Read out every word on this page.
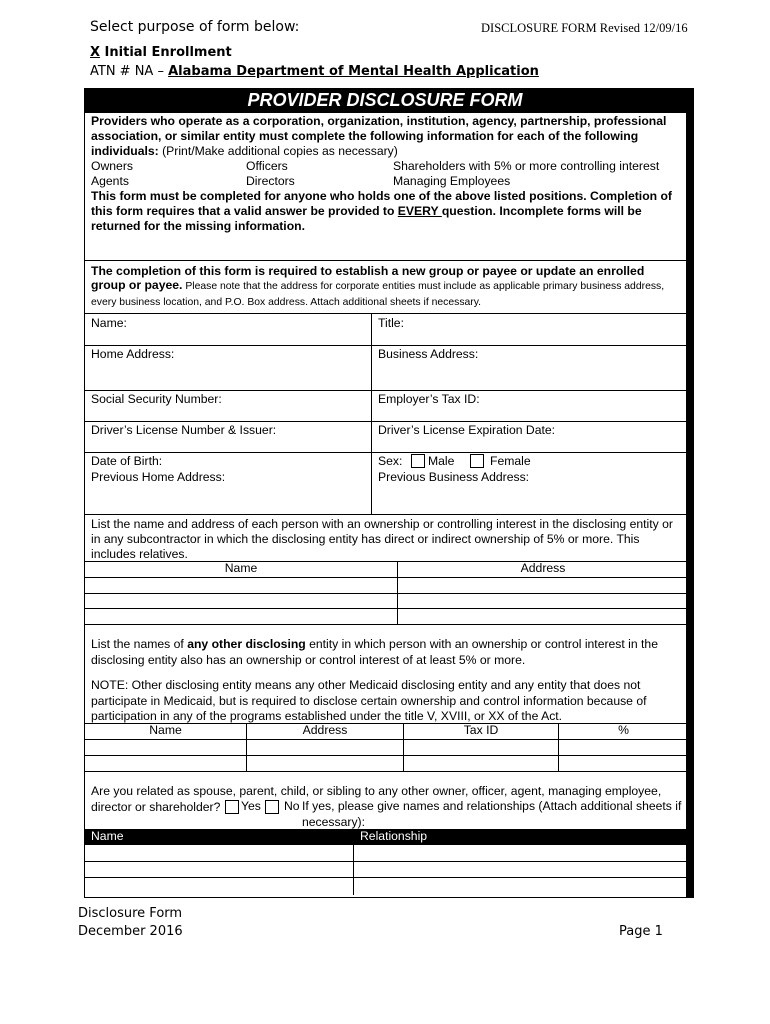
Select purpose of form below:	DISCLOSURE FORM Revised 12/09/16
X Initial Enrollment
ATN # NA – Alabama Department of Mental Health Application
PROVIDER DISCLOSURE FORM
Providers who operate as a corporation, organization, institution, agency, partnership, professional association, or similar entity must complete the following information for each of the following individuals: (Print/Make additional copies as necessary)
Owners	Officers	Shareholders with 5% or more controlling interest
Agents	Directors	Managing Employees
This form must be completed for anyone who holds one of the above listed positions. Completion of this form requires that a valid answer be provided to EVERY question. Incomplete forms will be returned for the missing information.
The completion of this form is required to establish a new group or payee or update an enrolled group or payee. Please note that the address for corporate entities must include as applicable primary business address, every business location, and P.O. Box address. Attach additional sheets if necessary.
Name:	Title:
Home Address:	Business Address:
Social Security Number:	Employer’s Tax ID:
Driver’s License Number & Issuer:	Driver’s License Expiration Date:
Date of Birth:	Sex: Male	Female
Previous Home Address:	Previous Business Address:
List the name and address of each person with an ownership or controlling interest in the disclosing entity or in any subcontractor in which the disclosing entity has direct or indirect ownership of 5% or more. This includes relatives.
Name	Address
List the names of any other disclosing entity in which person with an ownership or control interest in the disclosing entity also has an ownership or control interest of at least 5% or more.
NOTE: Other disclosing entity means any other Medicaid disclosing entity and any entity that does not participate in Medicaid, but is required to disclose certain ownership and control information because of participation in any of the programs established under the title V, XVIII, or XX of the Act.
Name	Address	Tax ID	%
Are you related as spouse, parent, child, or sibling to any other owner, officer, agent, managing employee, director or shareholder?	Yes No If yes, please give names and relationships (Attach additional sheets if necessary):
Name	Relationship
Disclosure Form
December 2016	Page 1
